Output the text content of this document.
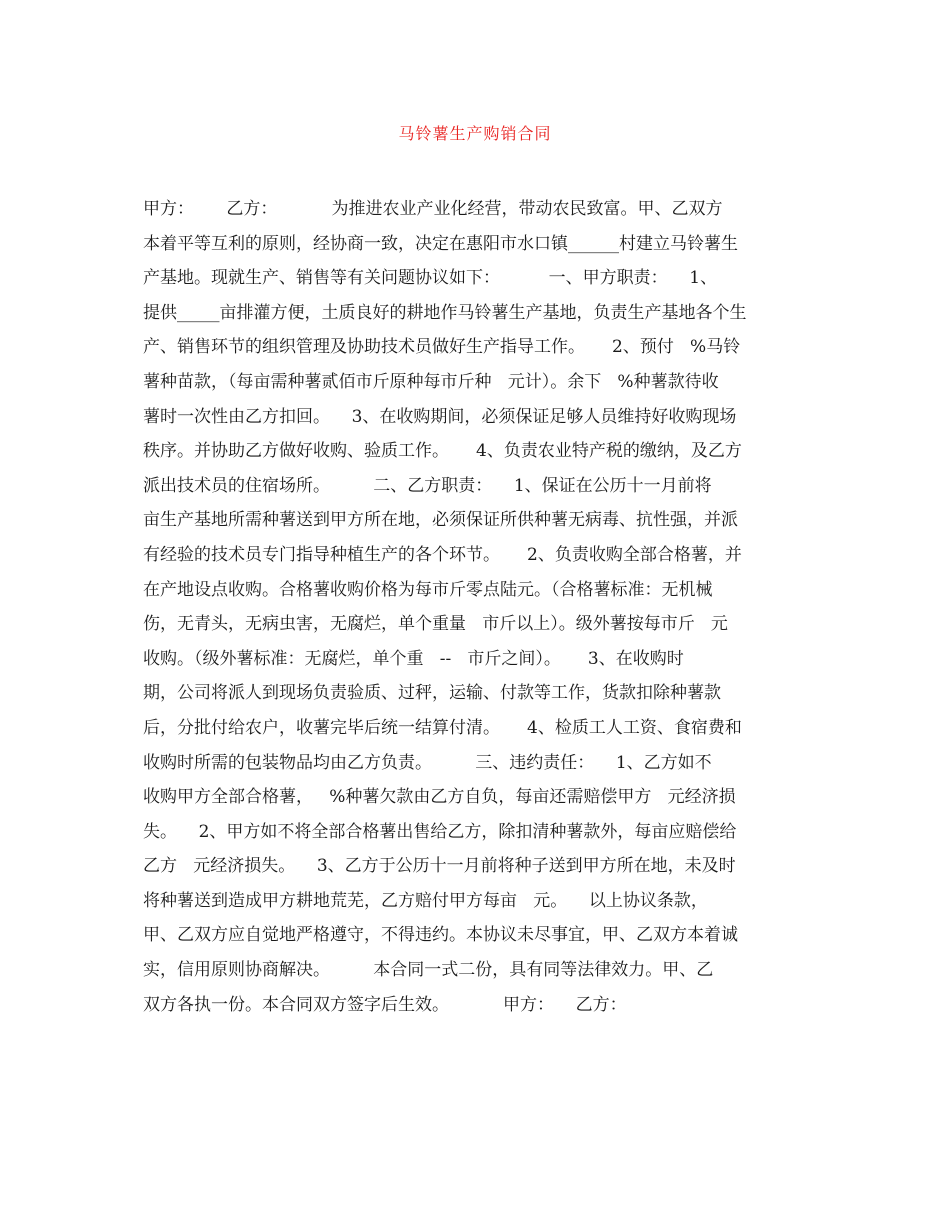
马铃薯生产购销合同
甲方：      乙方：          为推进农业产业化经营，带动农民致富。甲、乙双方
本着平等互利的原则，经协商一致，决定在惠阳市水口镇______村建立马铃薯生
产基地。现就生产、销售等有关问题协议如下：         一、甲方职责：    1、
提供_____亩排灌方便，土质良好的耕地作马铃薯生产基地，负责生产基地各个生
产、销售环节的组织管理及协助技术员做好生产指导工作。     2、预付   %马铃
薯种苗款，（每亩需种薯贰佰市斤原种每市斤种   元计）。余下   %种薯款待收
薯时一次性由乙方扣回。    3、在收购期间，必须保证足够人员维持好收购现场
秩序。并协助乙方做好收购、验质工作。     4、负责农业特产税的缴纳，及乙方
派出技术员的住宿场所。        二、乙方职责：    1、保证在公历十一月前将
亩生产基地所需种薯送到甲方所在地，必须保证所供种薯无病毒、抗性强，并派
有经验的技术员专门指导种植生产的各个环节。     2、负责收购全部合格薯，并
在产地设点收购。合格薯收购价格为每市斤零点陆元。（合格薯标准：无机械
伤，无青头，无病虫害，无腐烂，单个重量   市斤以上）。级外薯按每市斤   元
收购。（级外薯标准：无腐烂，单个重   --   市斤之间）。     3、在收购时
期，公司将派人到现场负责验质、过秤，运输、付款等工作，货款扣除种薯款
后，分批付给农户，收薯完毕后统一结算付清。     4、检质工人工资、食宿费和
收购时所需的包装物品均由乙方负责。        三、违约责任：    1、乙方如不
收购甲方全部合格薯，   %种薯欠款由乙方自负，每亩还需赔偿甲方   元经济损
失。    2、甲方如不将全部合格薯出售给乙方，除扣清种薯款外，每亩应赔偿给
乙方   元经济损失。    3、乙方于公历十一月前将种子送到甲方所在地，未及时
将种薯送到造成甲方耕地荒芜，乙方赔付甲方每亩   元。    以上协议条款，
甲、乙双方应自觉地严格遵守，不得违约。本协议未尽事宜，甲、乙双方本着诚
实，信用原则协商解决。        本合同一式二份，具有同等法律效力。甲、乙
双方各执一份。本合同双方签字后生效。          甲方：    乙方：
